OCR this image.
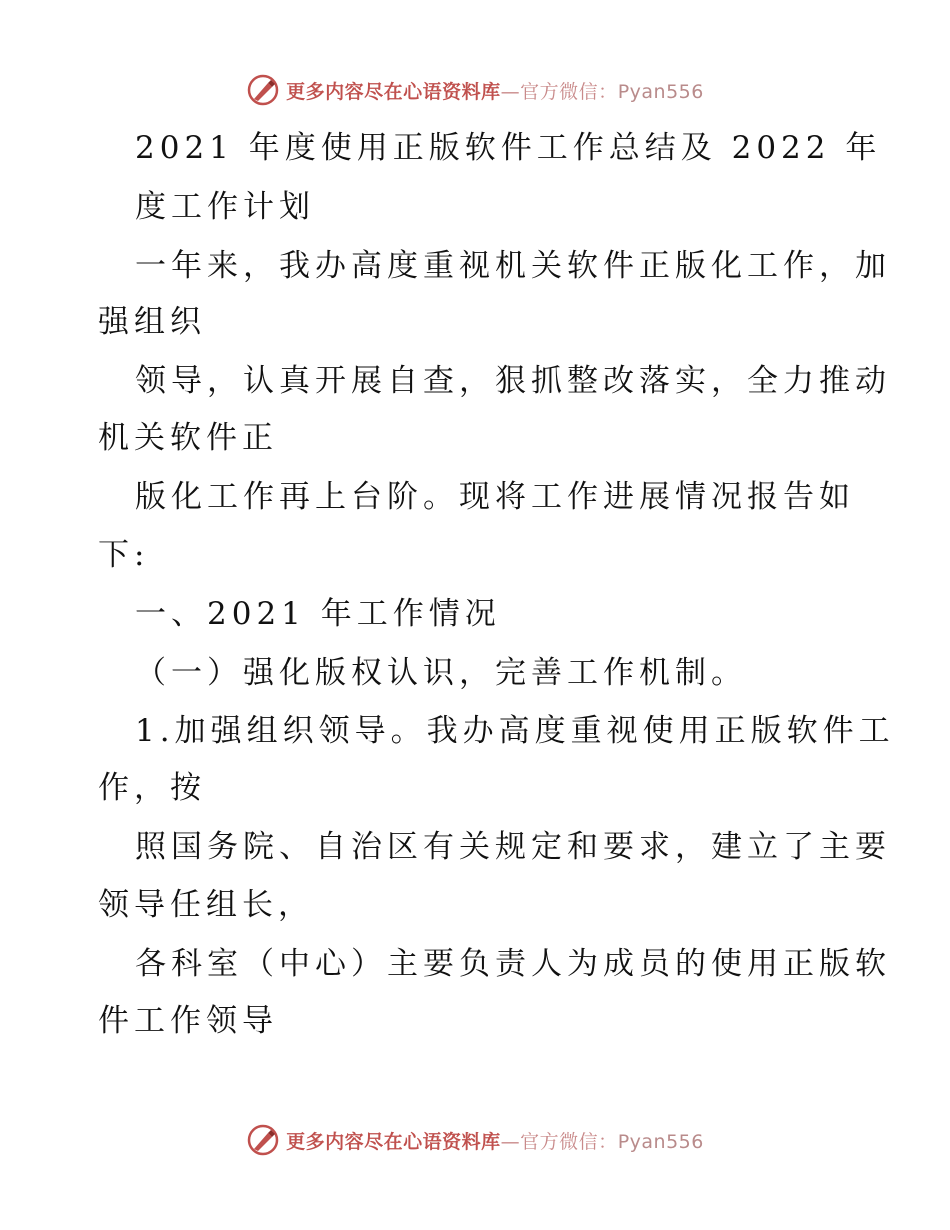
更多内容尽在心语资料库—官方微信：Pyan556
2021 年度使用正版软件工作总结及 2022 年
度工作计划
一年来，我办高度重视机关软件正版化工作，加
强组织
领导，认真开展自查，狠抓整改落实，全力推动
机关软件正
版化工作再上台阶。现将工作进展情况报告如
下:
一、2021 年工作情况
（一）强化版权认识，完善工作机制。
1.加强组织领导。我办高度重视使用正版软件工
作，按
照国务院、自治区有关规定和要求，建立了主要
领导任组长，
各科室（中心）主要负责人为成员的使用正版软
件工作领导
更多内容尽在心语资料库—官方微信：Pyan556
